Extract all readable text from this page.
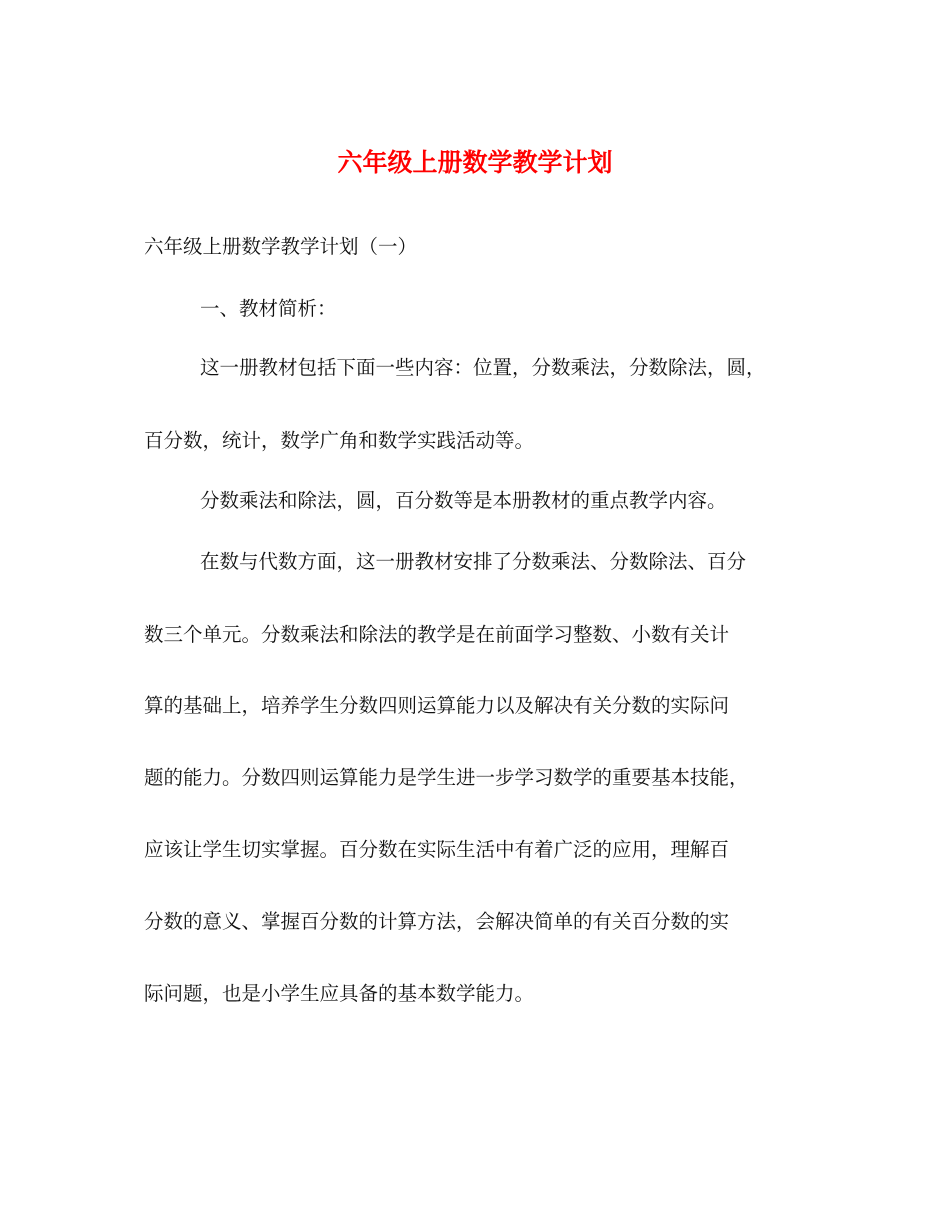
六年级上册数学教学计划

六年级上册数学教学计划（一）

一、教材简析：

这一册教材包括下面一些内容：位置，分数乘法，分数除法，圆，

百分数，统计，数学广角和数学实践活动等。

分数乘法和除法，圆，百分数等是本册教材的重点教学内容。

在数与代数方面，这一册教材安排了分数乘法、分数除法、百分

数三个单元。分数乘法和除法的教学是在前面学习整数、小数有关计

算的基础上，培养学生分数四则运算能力以及解决有关分数的实际问

题的能力。分数四则运算能力是学生进一步学习数学的重要基本技能，

应该让学生切实掌握。百分数在实际生活中有着广泛的应用，理解百

分数的意义、掌握百分数的计算方法，会解决简单的有关百分数的实

际问题，也是小学生应具备的基本数学能力。
